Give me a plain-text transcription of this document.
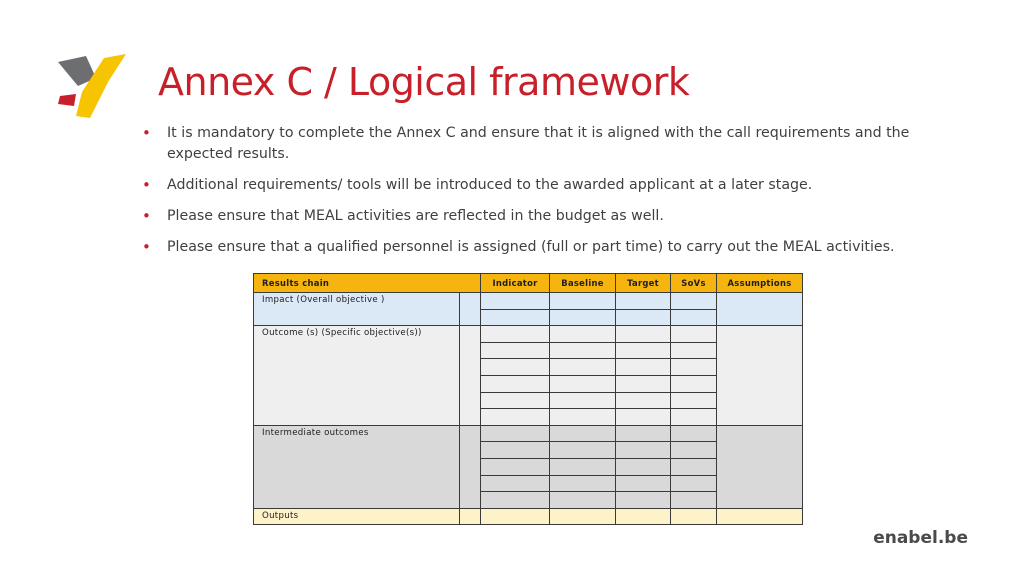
Annex C / Logical framework
• It is mandatory to complete the Annex C and ensure that it is aligned with the call requirements and the expected results.
• Additional requirements/ tools will be introduced to the awarded applicant at a later stage.
• Please ensure that MEAL activities are reflected in the budget as well.
• Please ensure that a qualified personnel is assigned (full or part time) to carry out the MEAL activities.
Results chain		Indicator	Baseline	Target	SoVs	Assumptions
Impact (Overall objective )						

Outcome (s) (Specific objective(s))						

Intermediate outcomes						

Outputs						
enabel.be
